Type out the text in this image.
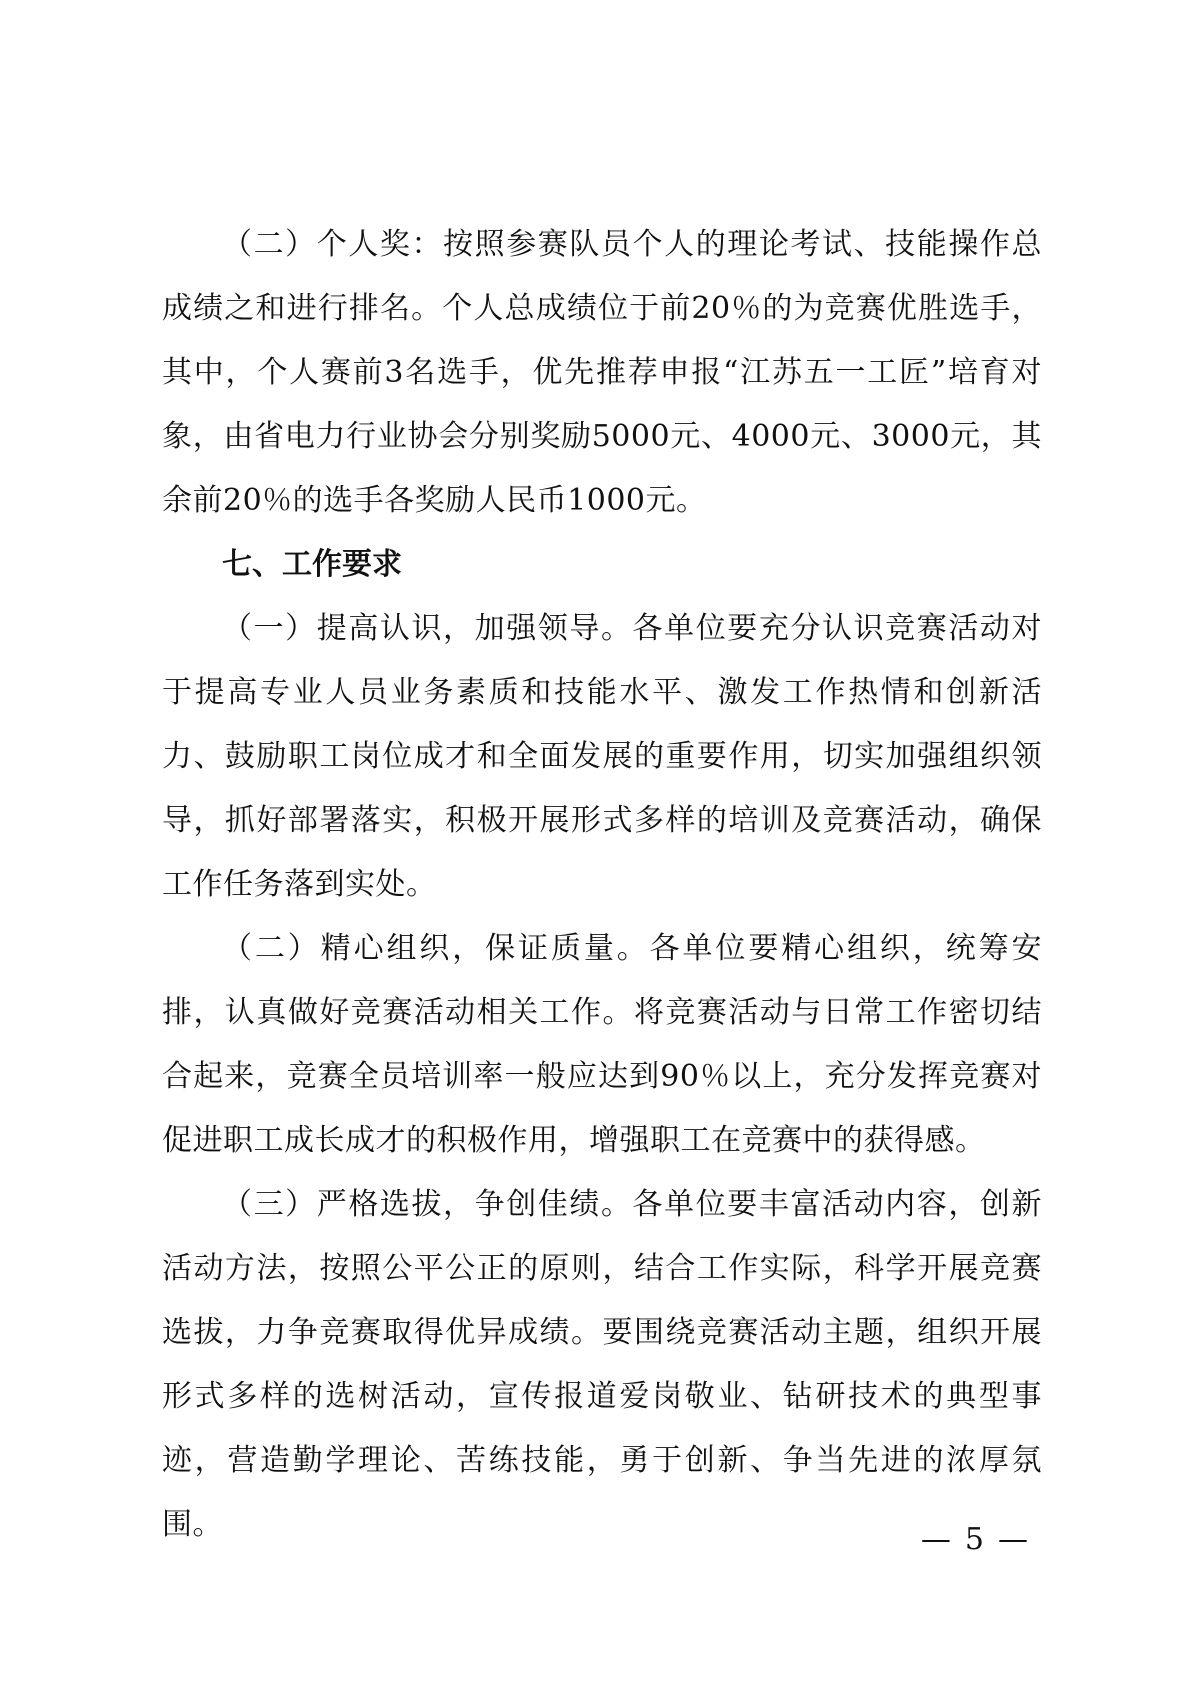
（二）个人奖：按照参赛队员个人的理论考试、技能操作总成绩之和进行排名。个人总成绩位于前20％的为竞赛优胜选手，其中，个人赛前3名选手，优先推荐申报“江苏五一工匠”培育对象，由省电力行业协会分别奖励5000元、4000元、3000元，其余前20％的选手各奖励人民币1000元。

七、工作要求

（一）提高认识，加强领导。各单位要充分认识竞赛活动对于提高专业人员业务素质和技能水平、激发工作热情和创新活力、鼓励职工岗位成才和全面发展的重要作用，切实加强组织领导，抓好部署落实，积极开展形式多样的培训及竞赛活动，确保工作任务落到实处。

（二）精心组织，保证质量。各单位要精心组织，统筹安排，认真做好竞赛活动相关工作。将竞赛活动与日常工作密切结合起来，竞赛全员培训率一般应达到90％以上，充分发挥竞赛对促进职工成长成才的积极作用，增强职工在竞赛中的获得感。

（三）严格选拔，争创佳绩。各单位要丰富活动内容，创新活动方法，按照公平公正的原则，结合工作实际，科学开展竞赛选拔，力争竞赛取得优异成绩。要围绕竞赛活动主题，组织开展形式多样的选树活动，宣传报道爱岗敬业、钻研技术的典型事迹，营造勤学理论、苦练技能，勇于创新、争当先进的浓厚氛围。	— 5 —
